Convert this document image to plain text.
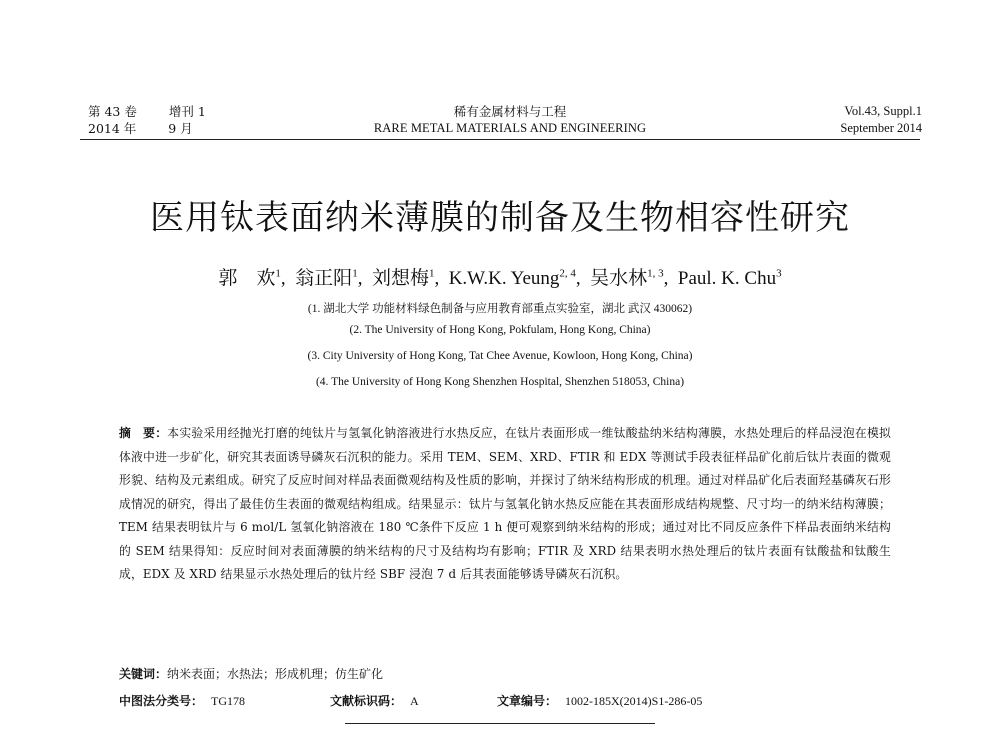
第 43 卷	增刊 1
2014 年	9 月
稀有金属材料与工程
RARE METAL MATERIALS AND ENGINEERING
Vol.43, Suppl.1
September 2014
医用钛表面纳米薄膜的制备及生物相容性研究
郭　欢$^1$,  翁正阳$^1$,  刘想梅$^1$,  K.W.K. Yeung$^{2, 4}$,  吴水林$^{1, 3}$,  Paul. K. Chu$^3$
(1. 湖北大学 功能材料绿色制备与应用教育部重点实验室，湖北 武汉 430062)
(2. The University of Hong Kong, Pokfulam, Hong Kong, China)
(3. City University of Hong Kong, Tat Chee Avenue, Kowloon, Hong Kong, China)
(4. The University of Hong Kong Shenzhen Hospital, Shenzhen 518053, China)
摘　要：本实验采用经抛光打磨的纯钛片与氢氧化钠溶液进行水热反应，在钛片表面形成一维钛酸盐纳米结构薄膜，水热处理后的样品浸泡在模拟体液中进一步矿化，研究其表面诱导磷灰石沉积的能力。采用 TEM、SEM、XRD、FTIR 和 EDX 等测试手段表征样品矿化前后钛片表面的微观形貌、结构及元素组成。研究了反应时间对样品表面微观结构及性质的影响，并探讨了纳米结构形成的机理。通过对样品矿化后表面羟基磷灰石形成情况的研究，得出了最佳仿生表面的微观结构组成。结果显示：钛片与氢氧化钠水热反应能在其表面形成结构规整、尺寸均一的纳米结构薄膜；TEM 结果表明钛片与 6 mol/L 氢氧化钠溶液在 180 ℃条件下反应 1 h 便可观察到纳米结构的形成；通过对比不同反应条件下样品表面纳米结构的 SEM 结果得知：反应时间对表面薄膜的纳米结构的尺寸及结构均有影响；FTIR 及 XRD 结果表明水热处理后的钛片表面有钛酸盐和钛酸生成，EDX 及 XRD 结果显示水热处理后的钛片经 SBF 浸泡 7 d 后其表面能够诱导磷灰石沉积。
关键词：纳米表面；水热法；形成机理；仿生矿化
中图法分类号： TG178	文献标识码： A	文章编号： 1002-185X(2014)S1-286-05
